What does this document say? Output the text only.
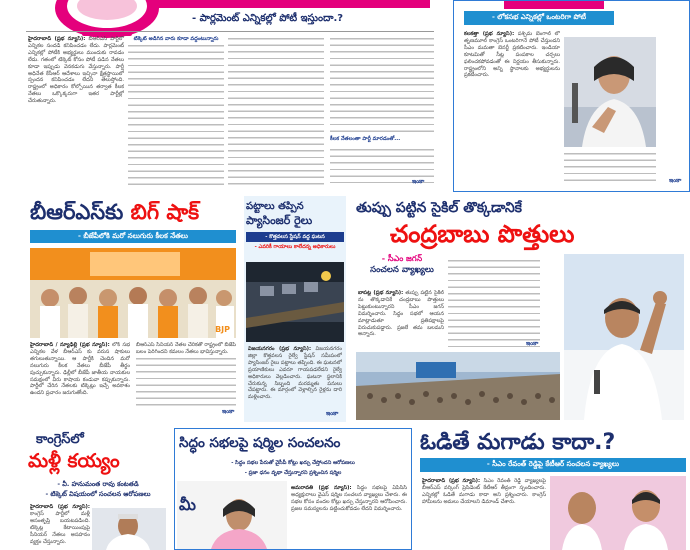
- పార్లమెంట్ ఎన్నికల్లో పోటీ ఇస్తుందా.?
హైదరాబాద్ (ప్రభ న్యూస్): బీఆర్ఎస్ పార్టీలో ఎన్నికల సందడి కనిపించడం లేదు. పార్లమెంట్ ఎన్నికల్లో పోటీకి అభ్యర్థులు ముందుకు రావడం లేదు. గతంలో టిక్కెట్ కోసం పోటీ పడిన నేతలు కూడా ఇప్పుడు వెనకడుగు వేస్తున్నారు. పార్టీ అధినేత కేసీఆర్ ఆదేశాలు ఇచ్చినా క్షేత్రస్థాయిలో స్పందన కనిపించడం లేదని తెలుస్తోంది. రాష్ట్రంలో అధికారం కోల్పోయిన తర్వాత కీలక నేతలు ఒక్కొక్కరుగా ఇతర పార్టీల్లో చేరుతున్నారు.
టిక్కెట్ అడిగిన వారు కూడా వద్దంటున్నారు
కీలక నేతలంతా పార్టీ మారడంతో...
ఇంకా
- లోకసభ ఎన్నికల్లో ఒంటరిగా పోటీ
కలకత్తా (ప్రభ న్యూస్): పశ్చిమ బెంగాల్ లో తృణమూల్ కాంగ్రెస్ ఒంటరిగానే పోటీ చేస్తుందని సీఎం మమతా బెనర్జీ ప్రకటించారు. ఇండియా కూటమితో సీట్ల పంపకాల చర్చలు ఫలించకపోవడంతో ఈ నిర్ణయం తీసుకున్నారు. రాష్ట్రంలోని అన్ని స్థానాలకు అభ్యర్థులను ప్రకటించారు.
ఇంకా
బీఆర్ఎస్‌కు బిగ్ షాక్
- బీజేపీలోకి మరో నలుగురు కీలక నేతలు
BJP
హైదరాబాద్ / న్యూఢిల్లీ (ప్రభ న్యూస్): లోక్ సభ ఎన్నికల వేళ బీఆర్ఎస్ కు వరుస షాకులు తగులుతున్నాయి. ఆ పార్టీకి చెందిన మరో నలుగురు కీలక నేతలు బీజేపీ తీర్థం పుచ్చుకున్నారు. ఢిల్లీలో బీజేపీ జాతీయ నాయకుల సమక్షంలో వీరు కాషాయ కండువా కప్పుకున్నారు. పార్టీలో చేరిన నేతలకు టిక్కెట్లు ఇచ్చే అవకాశం ఉందని ప్రచారం జరుగుతోంది.
బీఆర్ఎస్ సీనియర్ నేతల చేరికతో రాష్ట్రంలో బీజేపీ బలం పెరిగిందని కమలం నేతలు భావిస్తున్నారు.
ఇంకా
పట్టాలు తప్పిన
ప్యాసింజర్ రైలు
- కొత్తవలస స్టేషన్ వద్ద ఘటన
- ఎవరికీ గాయాలు కాలేదన్న అధికారులు
విజయనగరం (ప్రభ న్యూస్): విజయనగరం జిల్లా కొత్తవలస రైల్వే స్టేషన్ సమీపంలో ప్యాసింజర్ రైలు పట్టాలు తప్పింది. ఈ ఘటనలో ప్రయాణికులు ఎవరూ గాయపడలేదని రైల్వే అధికారులు వెల్లడించారు. ఘటనా స్థలానికి చేరుకున్న సిబ్బంది మరమ్మతు పనులు చేపట్టారు. ఈ మార్గంలో వెళ్లాల్సిన రైళ్లను దారి మళ్లించారు.
ఇంకా
తుప్పు పట్టిన సైకిల్ తొక్కడానికే
చంద్రబాబు పొత్తులు
- సీఎం జగన్
సంచలన వ్యాఖ్యలు
బాపట్ల (ప్రభ న్యూస్): తుప్పు పట్టిన సైకిల్ ను తొక్కడానికే చంద్రబాబు పొత్తులు పెట్టుకుంటున్నారని సీఎం జగన్ విమర్శించారు. సిద్ధం సభలో ఆయన మాట్లాడుతూ ప్రతిపక్షాలపై విరుచుకుపడ్డారు. ప్రజలే తమ బలమని అన్నారు.
ఇంకా
కాంగ్రెస్‌లో
మళ్లీ కయ్యం
- వీ. హనుమంత రావు కంటతడి
- టిక్కెట్ విషయంలో సంచలన ఆరోపణలు
హైదరాబాద్ (ప్రభ న్యూస్): కాంగ్రెస్ పార్టీలో మళ్లీ అసంతృప్తి బయటపడింది. టిక్కెట్ల కేటాయింపుపై సీనియర్ నేతలు అసహనం వ్యక్తం చేస్తున్నారు.
సిద్ధం సభలపై షర్మిల సంచలనం
- సిద్ధం సభల పేరుతో వైసీపీ కోట్లు ఖర్చు చేస్తోందని ఆరోపణలు
- ప్రజా ధనం వృథా చేస్తున్నారని ప్రశ్నించిన షర్మిల
మీ
అమరావతి (ప్రభ న్యూస్): సిద్ధం సభలపై ఏపీసీసీ అధ్యక్షురాలు వైఎస్ షర్మిల సంచలన వ్యాఖ్యలు చేశారు. ఈ సభల కోసం వందల కోట్లు ఖర్చు చేస్తున్నారని ఆరోపించారు. ప్రజల సమస్యలను పట్టించుకోవడం లేదని విమర్శించారు.
ఓడితే మగాడు కాదా.?
- సీఎం రేవంత్ రెడ్డిపై కేటీఆర్ సంచలన వ్యాఖ్యలు
హైదరాబాద్ (ప్రభ న్యూస్): సీఎం రేవంత్ రెడ్డి వ్యాఖ్యలపై బీఆర్ఎస్ వర్కింగ్ ప్రెసిడెంట్ కేటీఆర్ తీవ్రంగా స్పందించారు. ఎన్నికల్లో ఓడితే మగాడు కాదా అని ప్రశ్నించారు. కాంగ్రెస్ హామీలను అమలు చేయాలని డిమాండ్ చేశారు.
